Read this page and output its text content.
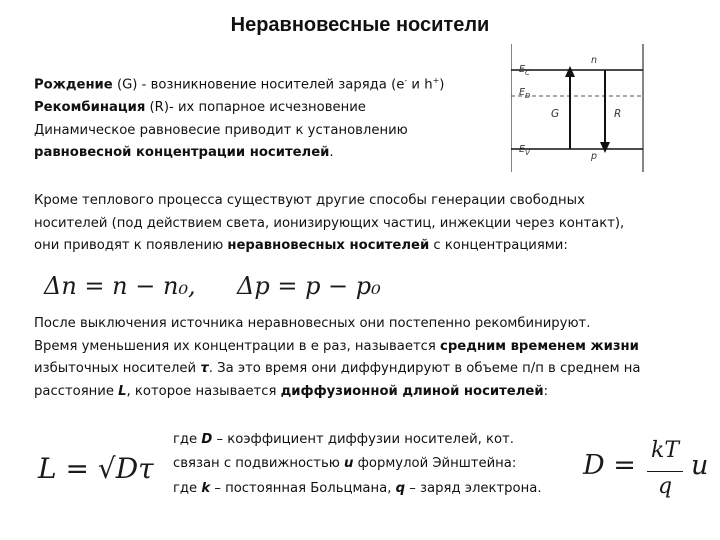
Неравновесные носители
Рождение (G) - возникновение носителей заряда (e- и h+)
Рекомбинация (R)- их попарное исчезновение
Динамическое равновесие приводит к установлению
равновесной концентрации носителей.
$E_C$
$E_D$
$E_V$
n
p
G	R
Кроме теплового процесса существуют другие способы генерации свободных
носителей (под действием света, ионизирующих частиц, инжекции через контакт),
они приводят к появлению неравновесных носителей с концентрациями:
Δn = n − n₀, Δp = p − p₀
После выключения источника неравновесных они постепенно рекомбинируют.
Время уменьшения их концентрации в e раз, называется средним временем жизни
избыточных носителей τ. За это время они диффундируют в объеме п/п в среднем на
расстояние L, которое называется диффузионной длиной носителей:
L = √Dτ
где D – коэффициент диффузии носителей, кот.
связан с подвижностью u формулой Эйнштейна:
где k – постоянная Больцмана, q – заряд электрона.
D = kT
q
u
